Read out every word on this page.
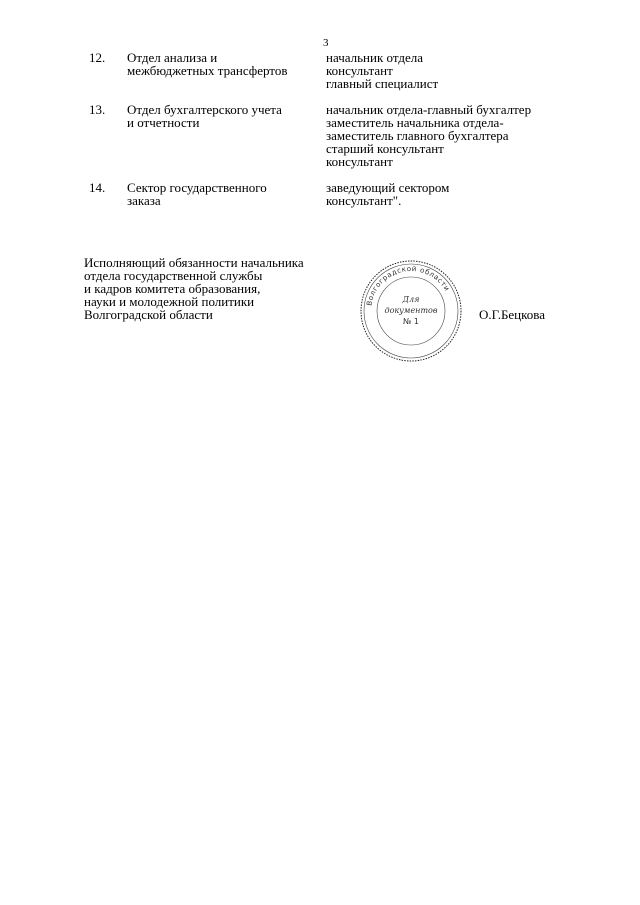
3
12. Отдел анализа и
межбюджетных трансфертов
начальник отдела
консультант
главный специалист
13. Отдел бухгалтерского учета
и отчетности
начальник отдела-главный бухгалтер
заместитель начальника отдела-
заместитель главного бухгалтера
старший консультант
консультант
14. Сектор государственного
заказа
заведующий сектором
консультант".
Исполняющий обязанности начальника
отдела государственной службы
и кадров комитета образования,
науки и молодежной политики
Волгоградской области
Волгоградской области
Для
документов
№ 1	О.Г.Бецкова
